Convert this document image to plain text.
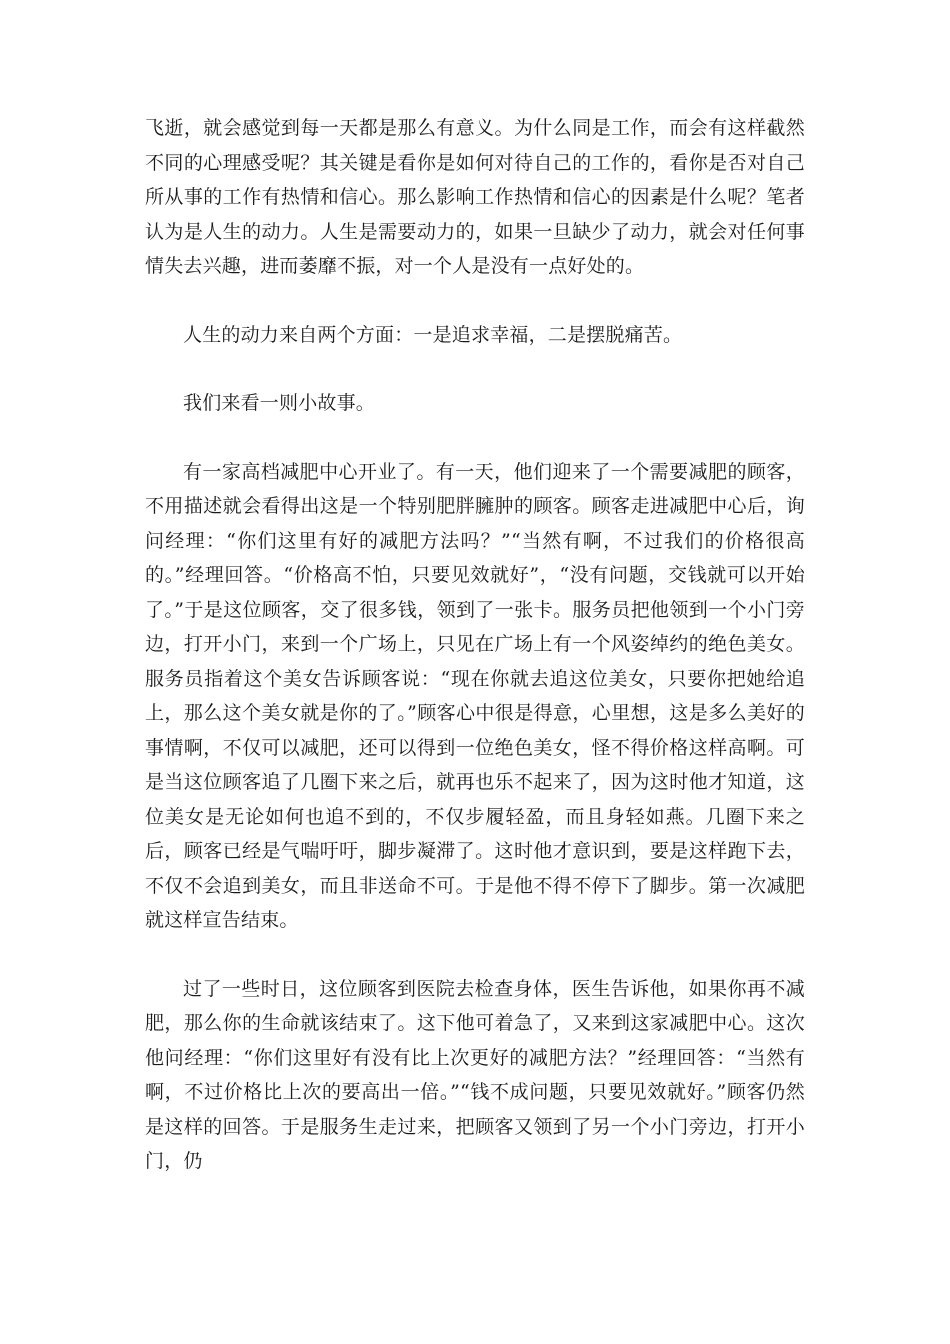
飞逝，就会感觉到每一天都是那么有意义。为什么同是工作，而会有这样截然不同的心理感受呢？其关键是看你是如何对待自己的工作的，看你是否对自己所从事的工作有热情和信心。那么影响工作热情和信心的因素是什么呢？笔者认为是人生的动力。人生是需要动力的，如果一旦缺少了动力，就会对任何事情失去兴趣，进而萎靡不振，对一个人是没有一点好处的。

人生的动力来自两个方面：一是追求幸福，二是摆脱痛苦。

我们来看一则小故事。

有一家高档减肥中心开业了。有一天，他们迎来了一个需要减肥的顾客，不用描述就会看得出这是一个特别肥胖臃肿的顾客。顾客走进减肥中心后，询问经理：“你们这里有好的减肥方法吗？”“当然有啊，不过我们的价格很高的。”经理回答。“价格高不怕，只要见效就好”，“没有问题，交钱就可以开始了。”于是这位顾客，交了很多钱，领到了一张卡。服务员把他领到一个小门旁边，打开小门，来到一个广场上，只见在广场上有一个风姿绰约的绝色美女。服务员指着这个美女告诉顾客说：“现在你就去追这位美女，只要你把她给追上，那么这个美女就是你的了。”顾客心中很是得意，心里想，这是多么美好的事情啊，不仅可以减肥，还可以得到一位绝色美女，怪不得价格这样高啊。可是当这位顾客追了几圈下来之后，就再也乐不起来了，因为这时他才知道，这位美女是无论如何也追不到的，不仅步履轻盈，而且身轻如燕。几圈下来之后，顾客已经是气喘吁吁，脚步凝滞了。这时他才意识到，要是这样跑下去，不仅不会追到美女，而且非送命不可。于是他不得不停下了脚步。第一次减肥就这样宣告结束。

过了一些时日，这位顾客到医院去检查身体，医生告诉他，如果你再不减肥，那么你的生命就该结束了。这下他可着急了，又来到这家减肥中心。这次他问经理：“你们这里好有没有比上次更好的减肥方法？”经理回答：“当然有啊，不过价格比上次的要高出一倍。”“钱不成问题，只要见效就好。”顾客仍然是这样的回答。于是服务生走过来，把顾客又领到了另一个小门旁边，打开小门，仍
